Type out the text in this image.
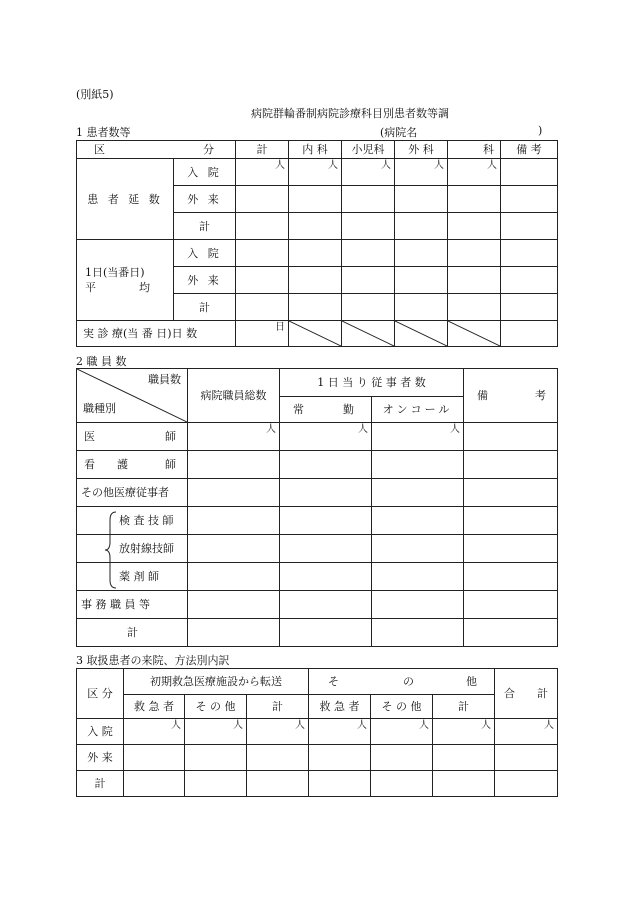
(別紙5)
病院群輪番制病院診療科目別患者数等調
1 患者数等	(病院名	)
区 分		計	内 科	小児科	外 科	科	備 考
患 者 延 数	入 院	人	人	人	人	人	
	外 来						
	計						

1日(当番日)
平 均	入 院						
	外 来						
	計						
実 診 療(当 番 日)日 数		日	

2 職 員 数
職員数
職種別	病院職員総数	1 日 当 り 従 事 者 数		備 考

		常 勤	オンコール	
医 師	人	人	人	
看 護 師				

その他医療従事者				
検 査 技 師				
放射線技師				
薬 剤 師				
事 務 職 員 等				
計				
3 取扱患者の来院、方法別内訳
区 分	初期救急医療施設から転送			そ の 他			合 計

	救 急 者	そ の 他	計	救 急 者	そ の 他	計	
入 院	人	人	人	人	人	人	人
外 来							
計							
